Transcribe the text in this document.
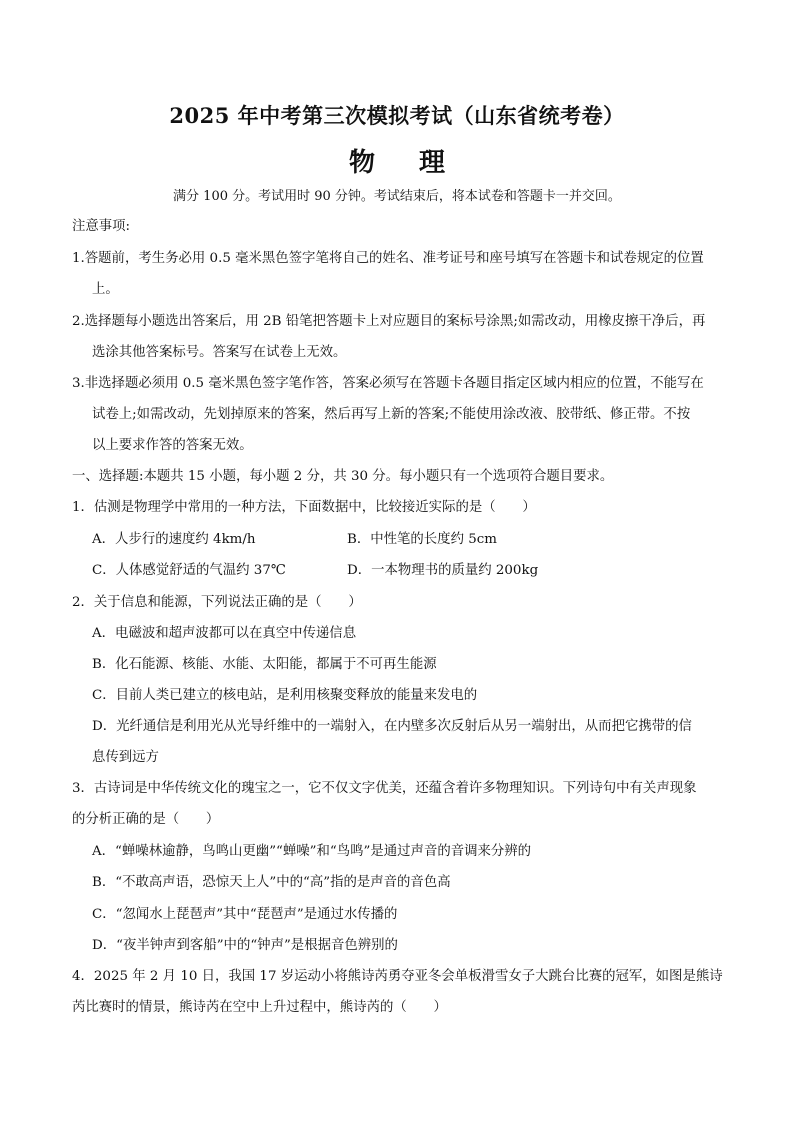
2025 年中考第三次模拟考试（山东省统考卷）
物 理
满分 100 分。考试用时 90 分钟。考试结束后，将本试卷和答题卡一并交回。
注意事项:
1.答题前，考生务必用 0.5 毫米黑色签字笔将自己的姓名、准考证号和座号填写在答题卡和试卷规定的位置
上。
2.选择题每小题选出答案后，用 2B 铅笔把答题卡上对应题目的案标号涂黑;如需改动，用橡皮擦干净后，再
选涂其他答案标号。答案写在试卷上无效。
3.非选择题必须用 0.5 毫米黑色签字笔作答，答案必须写在答题卡各题目指定区域内相应的位置，不能写在
试卷上;如需改动，先划掉原来的答案，然后再写上新的答案;不能使用涂改液、胶带纸、修正带。不按
以上要求作答的答案无效。
一、选择题:本题共 15 小题，每小题 2 分，共 30 分。每小题只有一个选项符合题目要求。
1．估测是物理学中常用的一种方法，下面数据中，比较接近实际的是（　　）
A．人步行的速度约 4km/h	B．中性笔的长度约 5cm
C．人体感觉舒适的气温约 37℃	D．一本物理书的质量约 200kg
2．关于信息和能源，下列说法正确的是（　　）
A．电磁波和超声波都可以在真空中传递信息
B．化石能源、核能、水能、太阳能，都属于不可再生能源
C．目前人类已建立的核电站，是利用核聚变释放的能量来发电的
D．光纤通信是利用光从光导纤维中的一端射入，在内壁多次反射后从另一端射出，从而把它携带的信
息传到远方
3．古诗词是中华传统文化的瑰宝之一，它不仅文字优美，还蕴含着许多物理知识。下列诗句中有关声现象
的分析正确的是（　　）
A．“蝉噪林逾静，鸟鸣山更幽”“蝉噪”和“鸟鸣”是通过声音的音调来分辨的
B．“不敢高声语，恐惊天上人”中的“高”指的是声音的音色高
C．“忽闻水上琵琶声”其中“琵琶声”是通过水传播的
D．“夜半钟声到客船”中的“钟声”是根据音色辨别的
4．2025 年 2 月 10 日，我国 17 岁运动小将熊诗芮勇夺亚冬会单板滑雪女子大跳台比赛的冠军，如图是熊诗
芮比赛时的情景，熊诗芮在空中上升过程中，熊诗芮的（　　）
